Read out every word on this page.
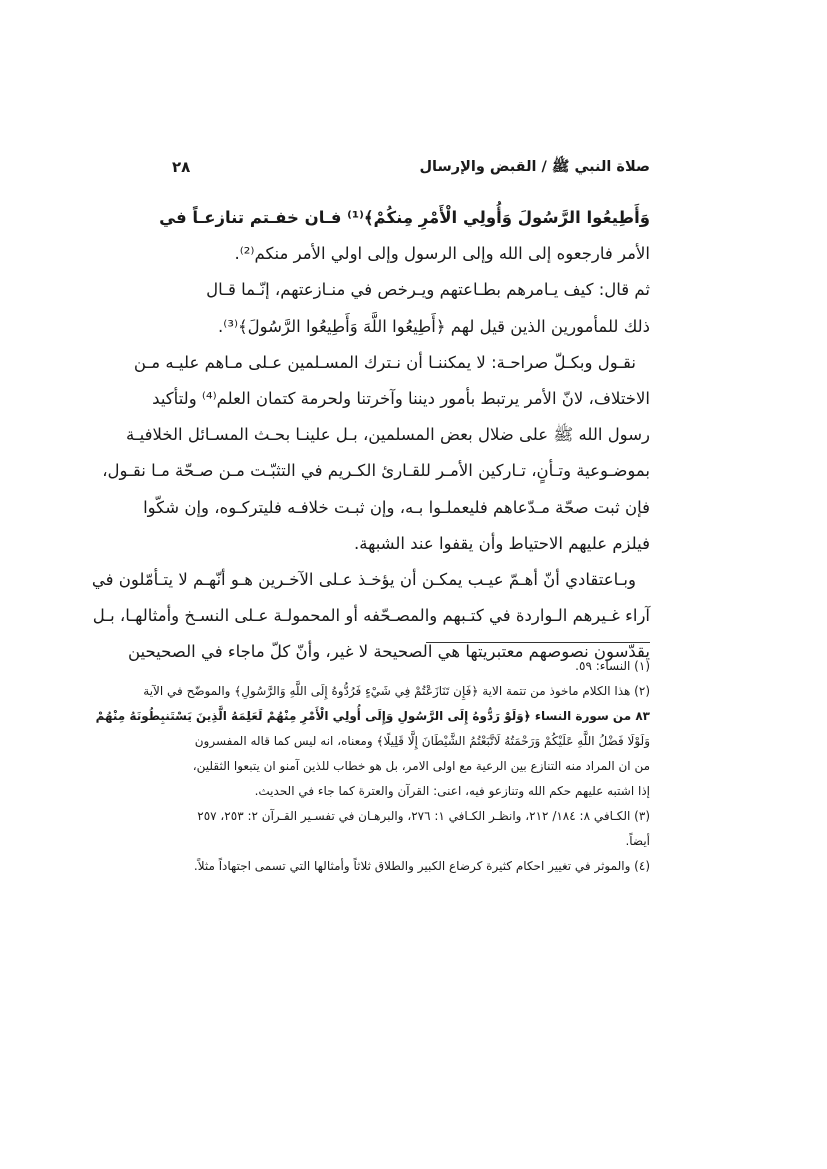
صلاة النبي ﷺ / القبض والإرسال
٢٨
وَأَطِيعُوا الرَّسُولَ وَأُولِي الْأَمْرِ مِنكُمْ﴾⁽¹⁾ فـان خفـتم تنازعـاً في
الأمر فارجعوه إلى الله وإلى الرسول وإلى اولي الأمر منكم⁽²⁾.
ثم قال: كيف يـامرهم بطـاعتهم ويـرخص في منـازعتهم، إنّـما قـال
ذلك للمأمورين الذين قيل لهم ﴿أَطِيعُوا اللَّهَ وَأَطِيعُوا الرَّسُولَ﴾⁽³⁾.
نقـول وبكـلّ صراحـة: لا يمكننـا أن نـترك المسـلمين عـلى مـاهم عليـه مـن
الاختلاف، لانّ الأمر يرتبط بأمور ديننا وآخرتنا ولحرمة كتمان العلم⁽⁴⁾ ولتأكيد
رسول الله ﷺ على ضلال بعض المسلمين، بـل علينـا بحـث المسـائل الخلافيـة
بموضـوعية وتـأنٍ، تـاركين الأمـر للقـارئ الكـريم في التثبّـت مـن صـحّة مـا نقـول،
فإن ثبت صحّة مـدّعاهم فليعملـوا بـه، وإن ثبـت خلافـه فليتركـوه، وإن شكّوا
فيلزم عليهم الاحتياط وأن يقفوا عند الشبهة.
وبـاعتقادي أنّ أهـمّ عيـب يمكـن أن يؤخـذ عـلى الآخـرين هـو أنّهـم لا يتـأمّلون في
آراء غـيرهم الـواردة في كتـبهم والمصـحّفه أو المحمولـة عـلى النسـخ وأمثالهـا، بـل
يقدّسون نصوصهم معتبريتها هي الصحيحة لا غير، وأنّ كلّ ماجاء في الصحيحين
(١) النساء: ٥٩.
(٢) هذا الكلام ماخوذ من تتمة الاية ﴿فَإِن تَنَازَعْتُمْ فِي شَيْءٍ فَرُدُّوهُ إِلَى اللَّهِ وَالرَّسُولِ﴾ والموضّح في الآية
٨٣ من سورة النساء ﴿وَلَوْ رَدُّوهُ إِلَى الرَّسُولِ وَإِلَى أُولِي الْأَمْرِ مِنْهُمْ لَعَلِمَهُ الَّذِينَ يَسْتَنبِطُونَهُ مِنْهُمْ
وَلَوْلَا فَضْلُ اللَّهِ عَلَيْكُمْ وَرَحْمَتُهُ لَاتَّبَعْتُمُ الشَّيْطَانَ إِلَّا قَلِيلًا﴾ ومعناه، انه ليس كما قاله المفسرون
من ان المراد منه التنازع بين الرعية مع اولى الامر، بل هو خطاب للذين آمنو ان يتبعوا الثقلين،
إذا اشتبه عليهم حكم الله وتنازعو فيه، اعنى: القرآن والعترة كما جاء في الحديث.
(٣) الكـافي ٨: ١٨٤/ ٢١٢، وانظـر الكـافي ١: ٢٧٦، والبرهـان في تفسـير القـرآن ٢: ٢٥٣، ٢٥٧
أيضاً.
(٤) والموثر في تغيير احكام كثيرة كرضاع الكبير والطلاق ثلاثاً وأمثالها التي تسمى اجتهاداً مثلاً.
